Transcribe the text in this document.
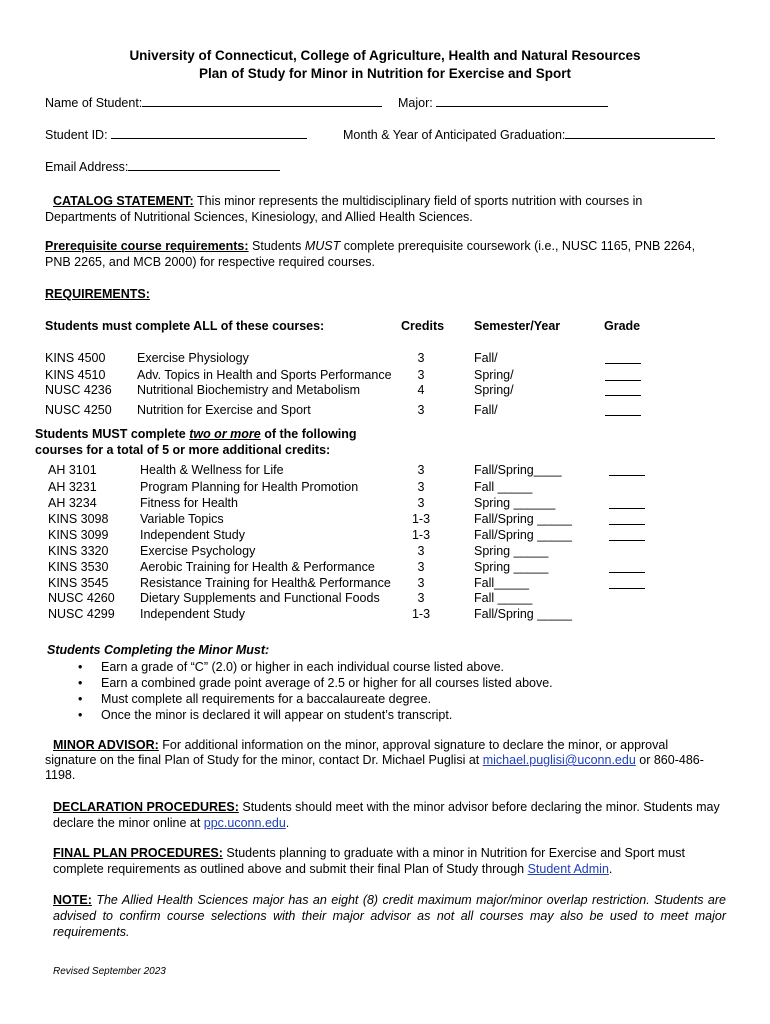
University of Connecticut, College of Agriculture, Health and Natural Resources
Plan of Study for Minor in Nutrition for Exercise and Sport
Name of Student:	Major:
Student ID:	Month & Year of Anticipated Graduation:
Email Address:
CATALOG STATEMENT: This minor represents the multidisciplinary field of sports nutrition with courses in
Departments of Nutritional Sciences, Kinesiology, and Allied Health Sciences.
Prerequisite course requirements: Students MUST complete prerequisite coursework (i.e., NUSC 1165, PNB 2264,
PNB 2265, and MCB 2000) for respective required courses.
REQUIREMENTS:
Students must complete ALL of these courses:	Credits Semester/Year	Grade
KINS 4500	Exercise Physiology	3	Fall/
KINS 4510	Adv. Topics in Health and Sports Performance	3	Spring/
NUSC 4236 Nutritional Biochemistry and Metabolism	4	Spring/
NUSC 4250 Nutrition for Exercise and Sport	3	Fall/
Students MUST complete two or more of the following
courses for a total of 5 or more additional credits:
AH 3101	Health & Wellness for Life	3	Fall/Spring____
AH 3231	Program Planning for Health Promotion	3	Fall _____
AH 3234	Fitness for Health	3	Spring ______
KINS 3098	Variable Topics	1-3	Fall/Spring _____
KINS 3099	Independent Study	1-3	Fall/Spring _____
KINS 3320	Exercise Psychology	3	Spring _____
KINS 3530	Aerobic Training for Health & Performance	3	Spring _____
KINS 3545	Resistance Training for Health& Performance	3	Fall_____
NUSC 4260 Dietary Supplements and Functional Foods	3	Fall _____
NUSC 4299 Independent Study	1-3	Fall/Spring _____
Students Completing the Minor Must:
• Earn a grade of “C” (2.0) or higher in each individual course listed above.
• Earn a combined grade point average of 2.5 or higher for all courses listed above.
• Must complete all requirements for a baccalaureate degree.
• Once the minor is declared it will appear on student’s transcript.
MINOR ADVISOR: For additional information on the minor, approval signature to declare the minor, or approval
signature on the final Plan of Study for the minor, contact Dr. Michael Puglisi at michael.puglisi@uconn.edu or 860-486-
1198.
DECLARATION PROCEDURES: Students should meet with the minor advisor before declaring the minor. Students may
declare the minor online at ppc.uconn.edu.
FINAL PLAN PROCEDURES: Students planning to graduate with a minor in Nutrition for Exercise and Sport must
complete requirements as outlined above and submit their final Plan of Study through Student Admin.
NOTE: The Allied Health Sciences major has an eight (8) credit maximum major/minor overlap restriction. Students are advised to confirm course selections with their major advisor as not all courses may also be used to meet major requirements.
Revised September 2023
